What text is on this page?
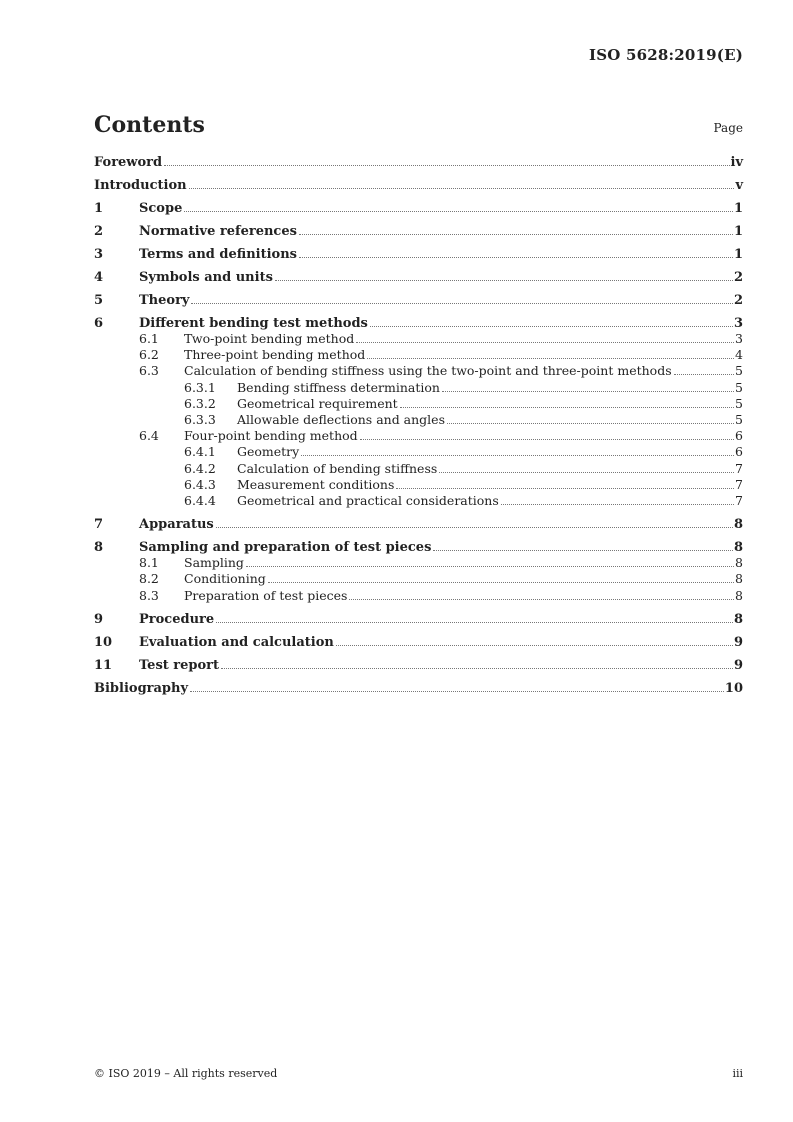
ISO 5628:2019(E)
Contents	Page
Foreword	iv
Introduction	v
1	Scope	1
2	Normative references	1
3	Terms and definitions	1
4	Symbols and units	2
5	Theory	2
6	Different bending test methods	3
6.1	Two-point bending method	3
6.2	Three-point bending method	4
6.3	Calculation of bending stiffness using the two-point and three-point methods	5
6.3.1	Bending stiffness determination	5
6.3.2	Geometrical requirement	5
6.3.3	Allowable deflections and angles	5
6.4	Four-point bending method	6
6.4.1	Geometry	6
6.4.2	Calculation of bending stiffness	7
6.4.3	Measurement conditions	7
6.4.4	Geometrical and practical considerations	7
7	Apparatus	8
8	Sampling and preparation of test pieces	8
8.1	Sampling	8
8.2	Conditioning	8
8.3	Preparation of test pieces	8
9	Procedure	8
10	Evaluation and calculation	9
11	Test report	9
Bibliography	10
© ISO 2019 – All rights reserved	iii
